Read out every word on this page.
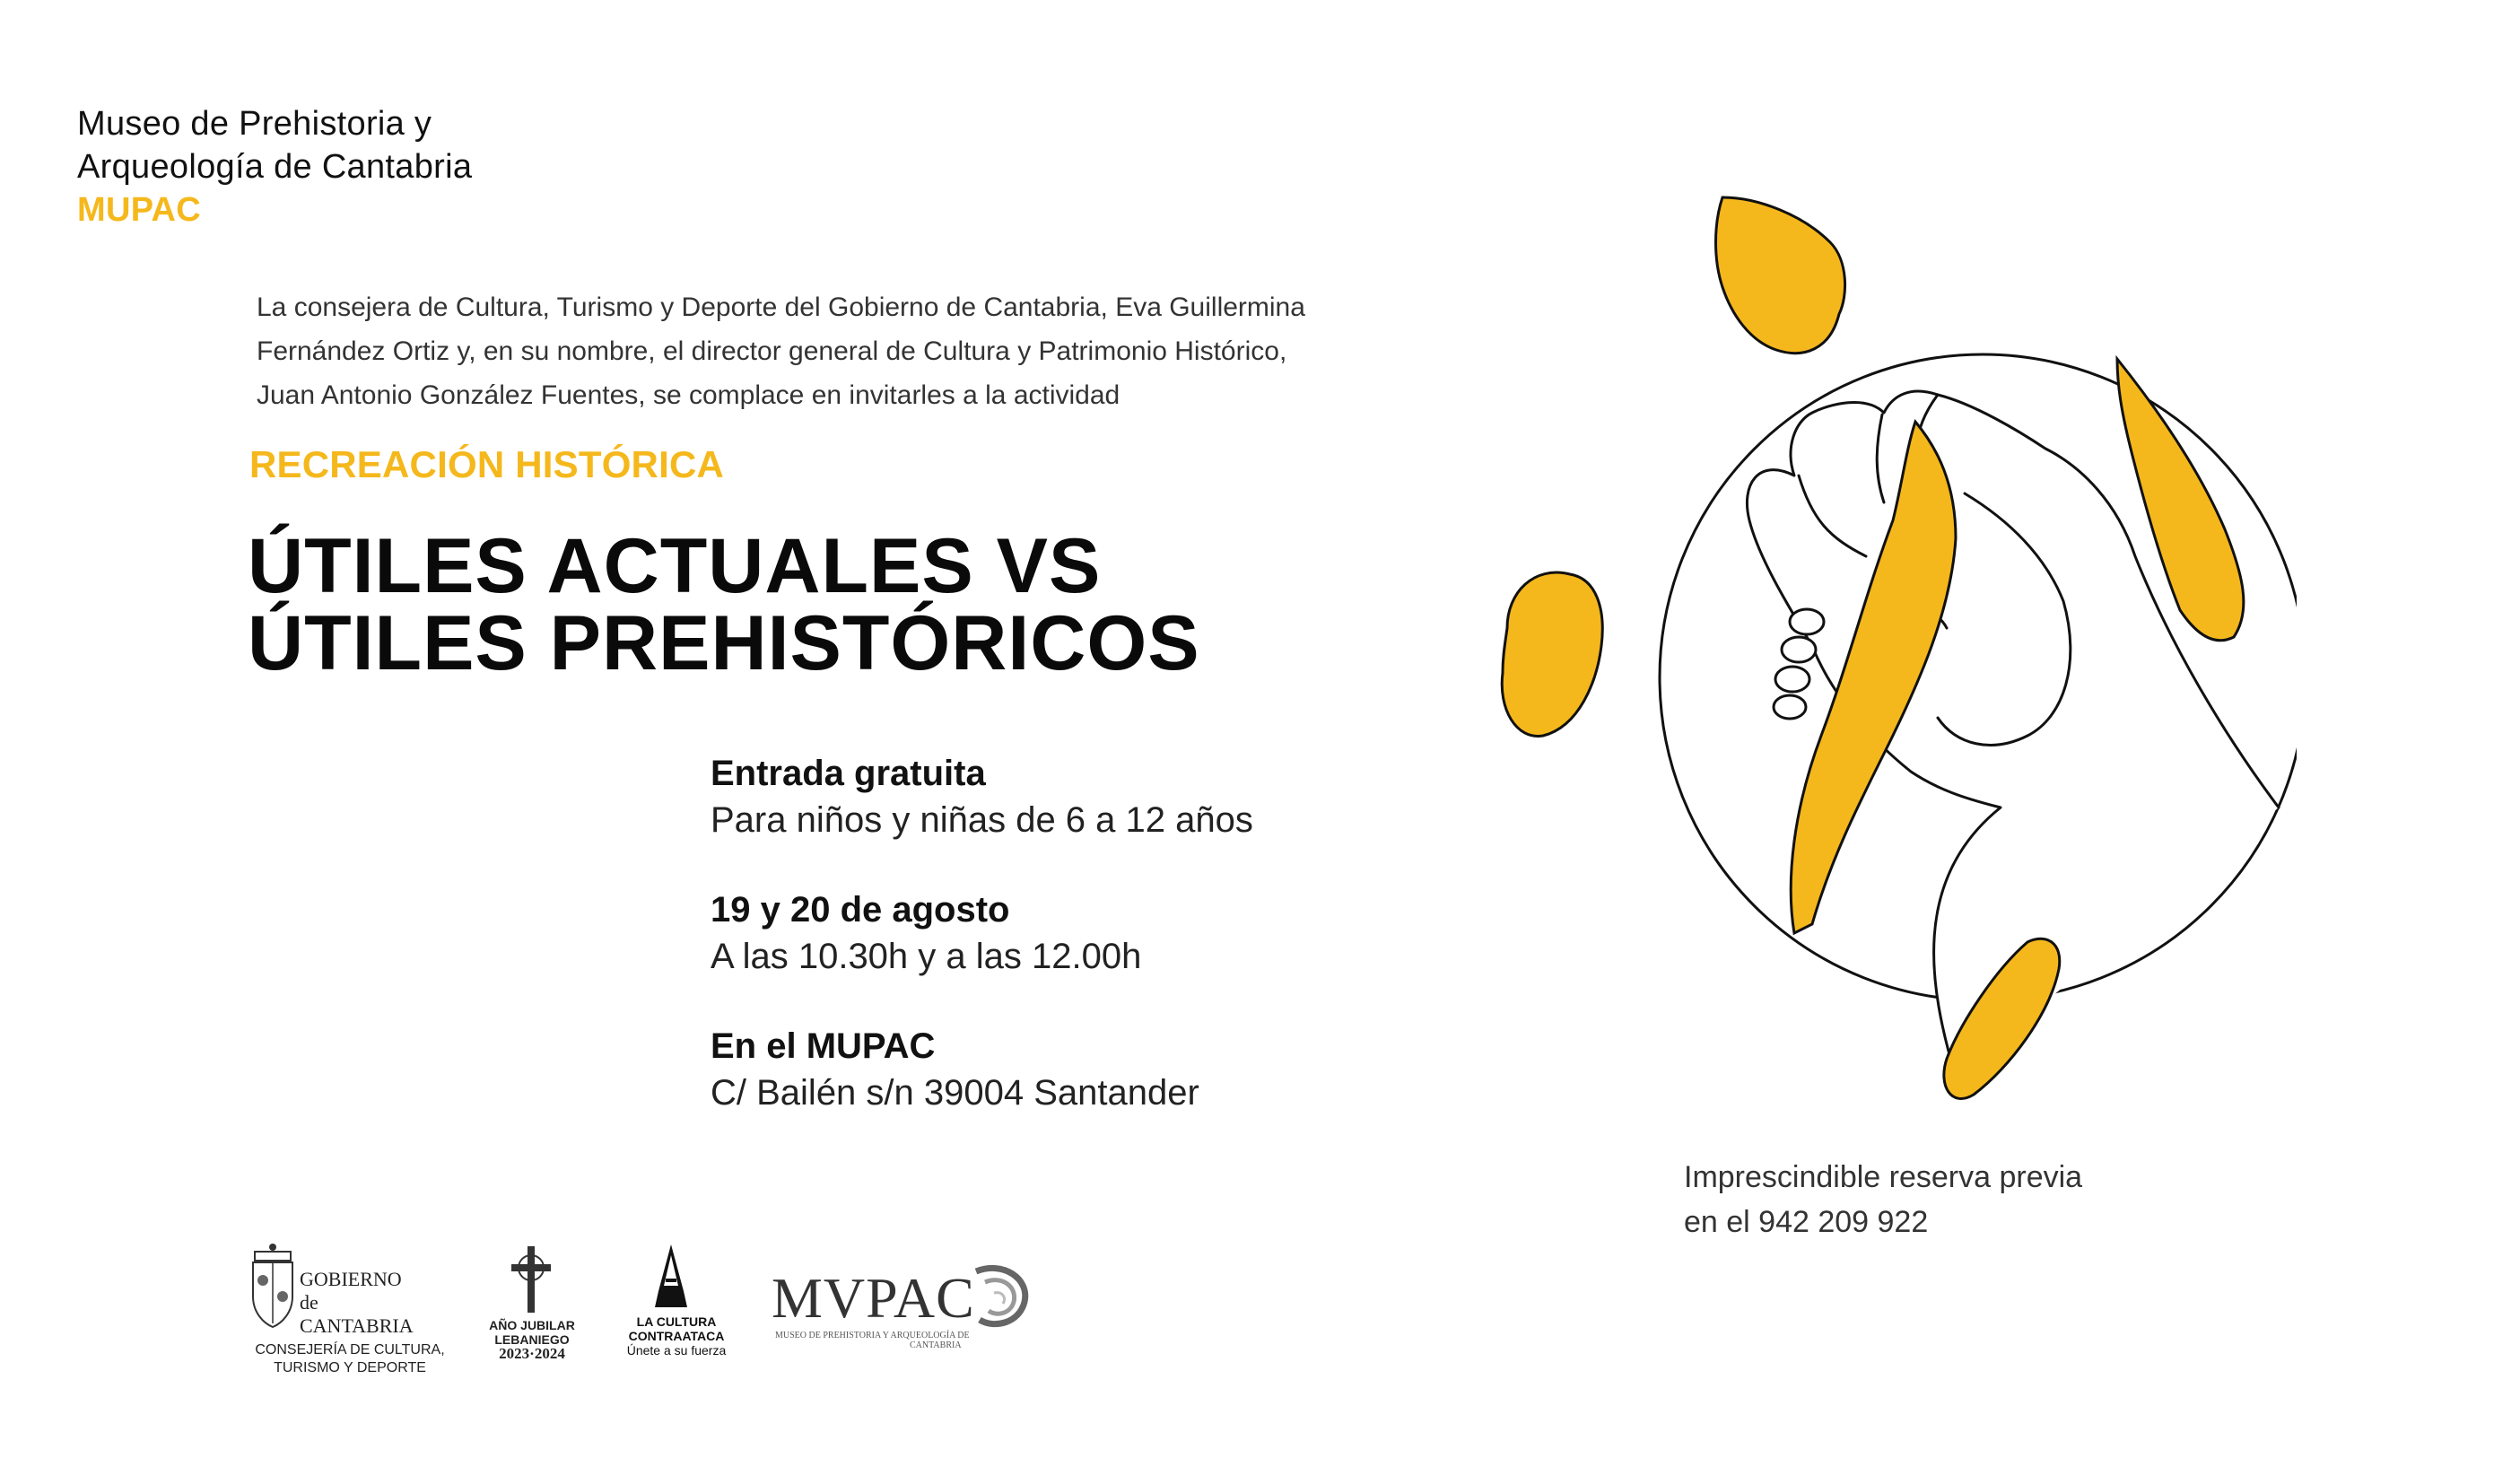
Museo de Prehistoria y
Arqueología de Cantabria
MUPAC
La consejera de Cultura, Turismo y Deporte del Gobierno de Cantabria, Eva Guillermina
Fernández Ortiz y, en su nombre, el director general de Cultura y Patrimonio Histórico,
Juan Antonio González Fuentes, se complace en invitarles a la actividad
RECREACIÓN HISTÓRICA
ÚTILES ACTUALES VS
ÚTILES PREHISTÓRICOS
Entrada gratuita
Para niños y niñas de 6 a 12 años
19 y 20 de agosto
A las 10.30h y a las 12.00h
En el MUPAC
C/ Bailén s/n 39004 Santander
Imprescindible reserva previa
en el 942 209 922
GOBIERNO
de
CANTABRIA
CONSEJERÍA DE CULTURA,
TURISMO Y DEPORTE
AÑO JUBILAR
LEBANIEGO
2023·2024
LA CULTURA
CONTRAATACA
Únete a su fuerza
MVPAC
MUSEO DE PREHISTORIA Y ARQUEOLOGÍA DE
CANTABRIA
